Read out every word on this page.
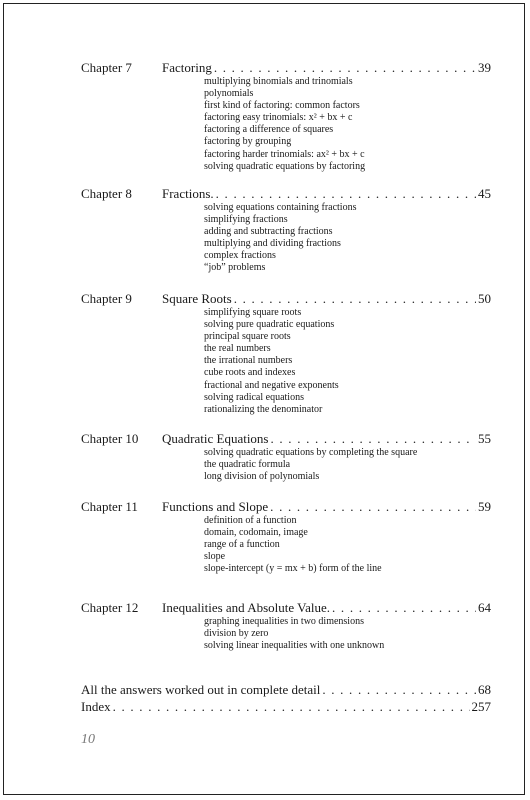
Chapter 7	Factoring . . .	39
multiplying binomials and trinomials
polynomials
first kind of factoring: common factors
factoring easy trinomials: x² + bx + c
factoring a difference of squares
factoring by grouping
factoring harder trinomials: ax² + bx + c
solving quadratic equations by factoring
Chapter 8	Fractions. . . .	45
solving equations containing fractions
simplifying fractions
adding and subtracting fractions
multiplying and dividing fractions
complex fractions
“job” problems
Chapter 9	Square Roots . . .	50
simplifying square roots
solving pure quadratic equations
principal square roots
the real numbers
the irrational numbers
cube roots and indexes
fractional and negative exponents
solving radical equations
rationalizing the denominator
Chapter 10	Quadratic Equations . . .	55
solving quadratic equations by completing the square
the quadratic formula
long division of polynomials
Chapter 11	Functions and Slope . . .	59
definition of a function
domain, codomain, image
range of a function
slope
slope-intercept (y = mx + b) form of the line
Chapter 12	Inequalities and Absolute Value. . . .	64
graphing inequalities in two dimensions
division by zero
solving linear inequalities with one unknown
All the answers worked out in complete detail . . .	68
Index . . .	257
10
